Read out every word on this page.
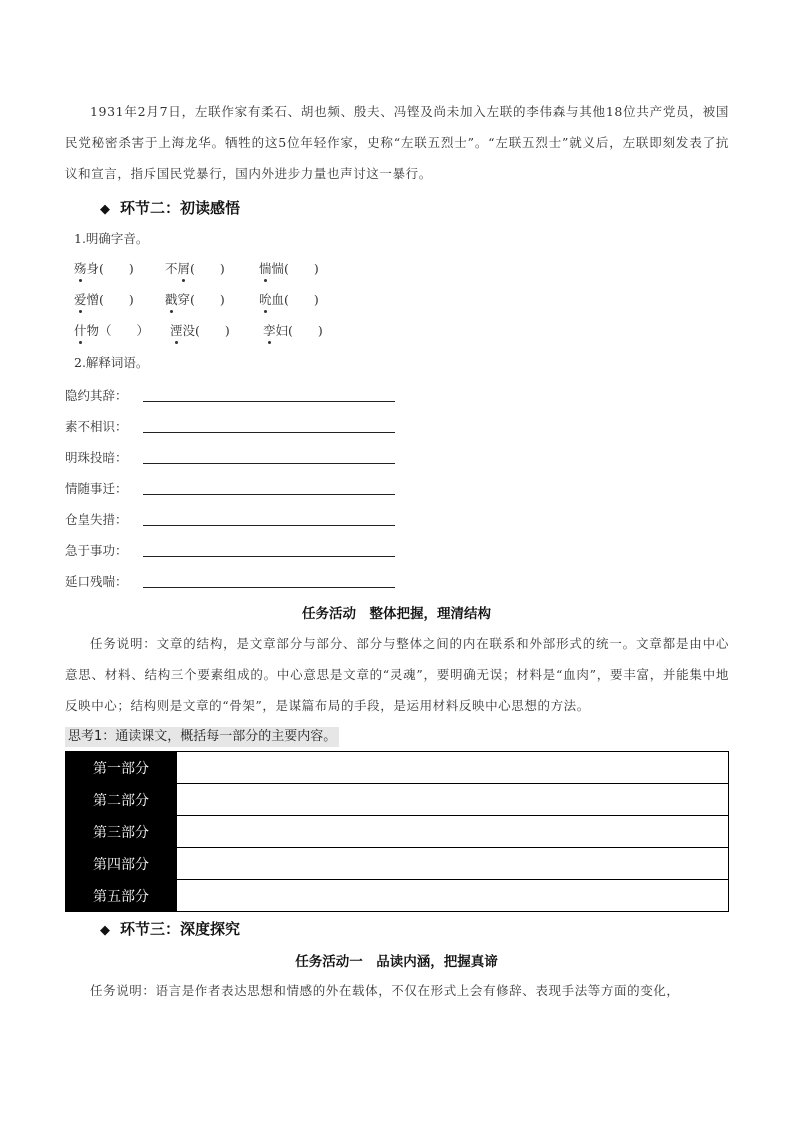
1931年2月7日，左联作家有柔石、胡也频、殷夫、冯铿及尚未加入左联的李伟森与其他18位共产党员，被国民党秘密杀害于上海龙华。牺牲的这5位年轻作家，史称“左联五烈士”。“左联五烈士”就义后，左联即刻发表了抗议和宣言，指斥国民党暴行，国内外进步力量也声讨这一暴行。

◆ 环节二：初读感悟
1.明确字音。
殇身(　　) 不屑(　　)	惴惴(　　)
爱憎(　　) 戳穿(　　)	吮血(　　)
什物（　　） 湮没(　　)	孪妇(　　)
2.解释词语。
隐约其辞：
素不相识：
明珠投暗：
情随事迁：
仓皇失措：
急于事功：
延口残喘：
任务活动　整体把握，理清结构

任务说明：文章的结构，是文章部分与部分、部分与整体之间的内在联系和外部形式的统一。文章都是由中心意思、材料、结构三个要素组成的。中心意思是文章的“灵魂”，要明确无误；材料是“血肉”，要丰富，并能集中地反映中心；结构则是文章的“骨架”，是谋篇布局的手段，是运用材料反映中心思想的方法。

思考1：通读课文，概括每一部分的主要内容。
第一部分	
第二部分	
第三部分	
第四部分	
第五部分	
◆ 环节三：深度探究
任务活动一　品读内涵，把握真谛

任务说明：语言是作者表达思想和情感的外在载体，不仅在形式上会有修辞、表现手法等方面的变化，
